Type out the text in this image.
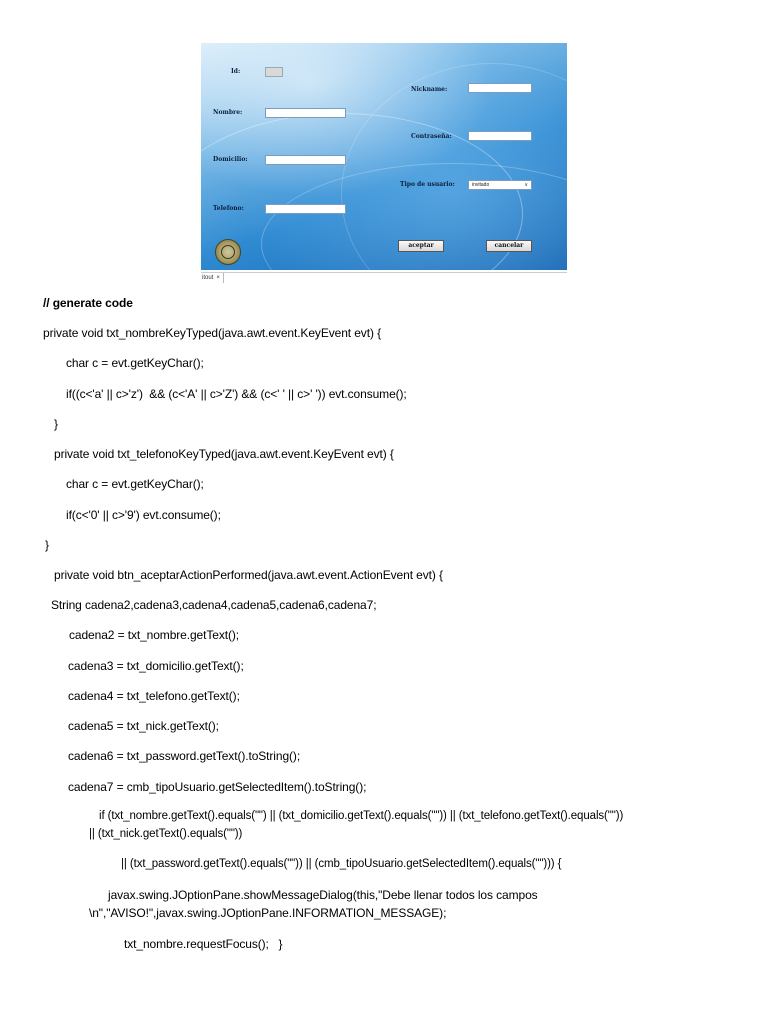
Id:
Nombre:
Domicilio:
Telefono:
Nickname:
Contraseña:
Tipo de usuario:	invitado	∨
aceptar	cancelar
itout ×
// generate code
private void txt_nombreKeyTyped(java.awt.event.KeyEvent evt) {
char c = evt.getKeyChar();
if((c<'a' || c>'z')  && (c<'A' || c>'Z') && (c<' ' || c>' ')) evt.consume();
}
private void txt_telefonoKeyTyped(java.awt.event.KeyEvent evt) {
char c = evt.getKeyChar();
if(c<'0' || c>'9') evt.consume();
}
private void btn_aceptarActionPerformed(java.awt.event.ActionEvent evt) {
String cadena2,cadena3,cadena4,cadena5,cadena6,cadena7;
cadena2 = txt_nombre.getText();
cadena3 = txt_domicilio.getText();
cadena4 = txt_telefono.getText();
cadena5 = txt_nick.getText();
cadena6 = txt_password.getText().toString();
cadena7 = cmb_tipoUsuario.getSelectedItem().toString();
if (txt_nombre.getText().equals("") || (txt_domicilio.getText().equals("")) || (txt_telefono.getText().equals(""))
|| (txt_nick.getText().equals(""))
|| (txt_password.getText().equals("")) || (cmb_tipoUsuario.getSelectedItem().equals(""))) {
javax.swing.JOptionPane.showMessageDialog(this,"Debe llenar todos los campos
\n","AVISO!",javax.swing.JOptionPane.INFORMATION_MESSAGE);
txt_nombre.requestFocus();   }
